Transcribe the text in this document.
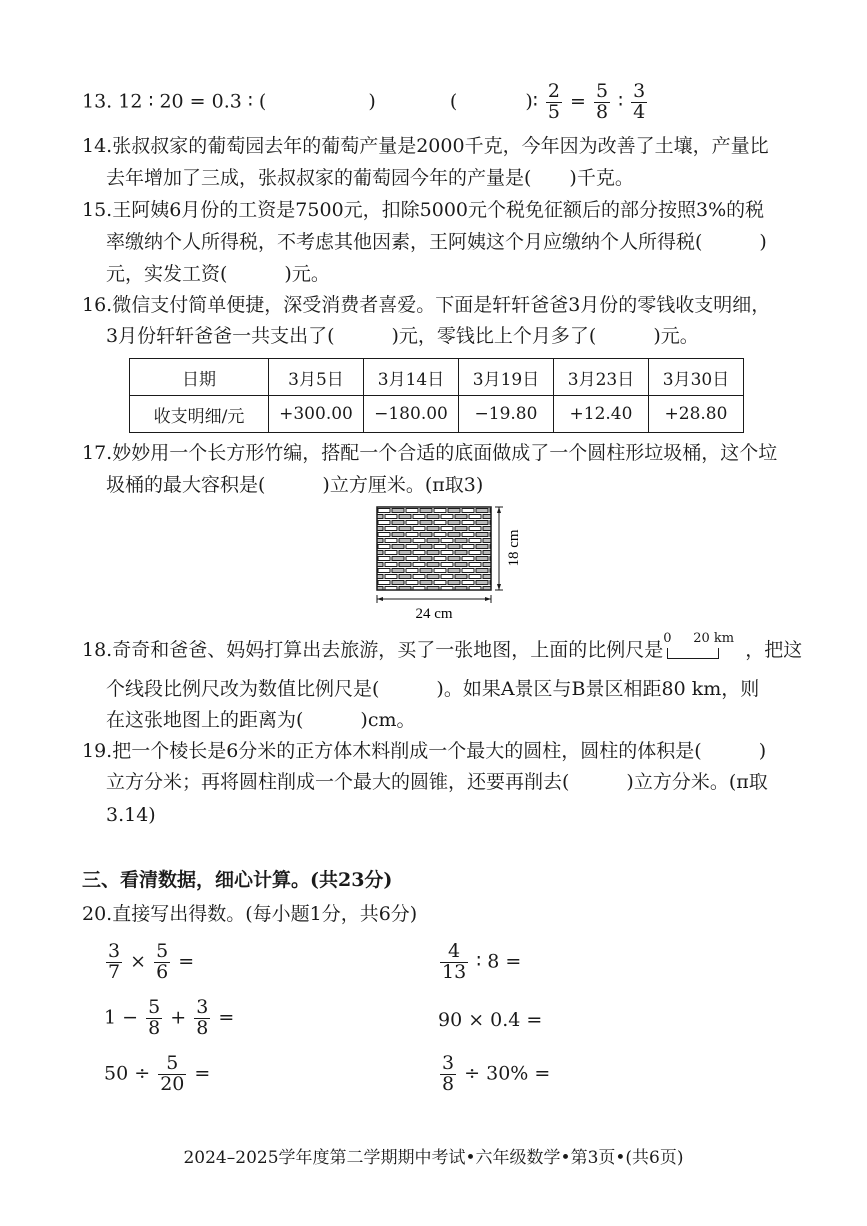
13. 12 ∶ 20 = 0.3 ∶ (	)	(	)∶ $\frac{2}{5} = \frac{5}{8}$ ∶ $\frac{3}{4}$
14.张叔叔家的葡萄园去年的葡萄产量是2000千克，今年因为改善了土壤，产量比
去年增加了三成，张叔叔家的葡萄园今年的产量是(　　)千克。
15.王阿姨6月份的工资是7500元，扣除5000元个税免征额后的部分按照3%的税
率缴纳个人所得税，不考虑其他因素，王阿姨这个月应缴纳个人所得税(　　　)
元，实发工资(　　　)元。
16.微信支付简单便捷，深受消费者喜爱。下面是轩轩爸爸3月份的零钱收支明细，
3月份轩轩爸爸一共支出了(　　　)元，零钱比上个月多了(　　　)元。
日期	3月5日	3月14日	3月19日	3月23日	3月30日
收支明细/元	+300.00	−180.00	−19.80	+12.40	+28.80
17.妙妙用一个长方形竹编，搭配一个合适的底面做成了一个圆柱形垃圾桶，这个垃
圾桶的最大容积是(　　　)立方厘米。(π取3)
24 cm
18 cm
18.奇奇和爸爸、妈妈打算出去旅游，买了一张地图，上面的比例尺是
0 20 km
，把这
个线段比例尺改为数值比例尺是(　　　)。如果A景区与B景区相距80 km，则
在这张地图上的距离为(　　　)cm。
19.把一个棱长是6分米的正方体木料削成一个最大的圆柱，圆柱的体积是(　　　)
立方分米；再将圆柱削成一个最大的圆锥，还要再削去(　　　)立方分米。(π取
3.14)
三、看清数据，细心计算。(共23分)
20.直接写出得数。(每小题1分，共6分)
$\frac{3}{7} \times \frac{5}{6}$ =	$\frac{4}{13}$ ∶ 8 =
$1 - \frac{5}{8} + \frac{3}{8}$ =	90 × 0.4 =
$50 \div \frac{5}{20}$ =	$\frac{3}{8} \div 30\%$ =
2024–2025学年度第二学期期中考试•六年级数学•第3页•(共6页)
